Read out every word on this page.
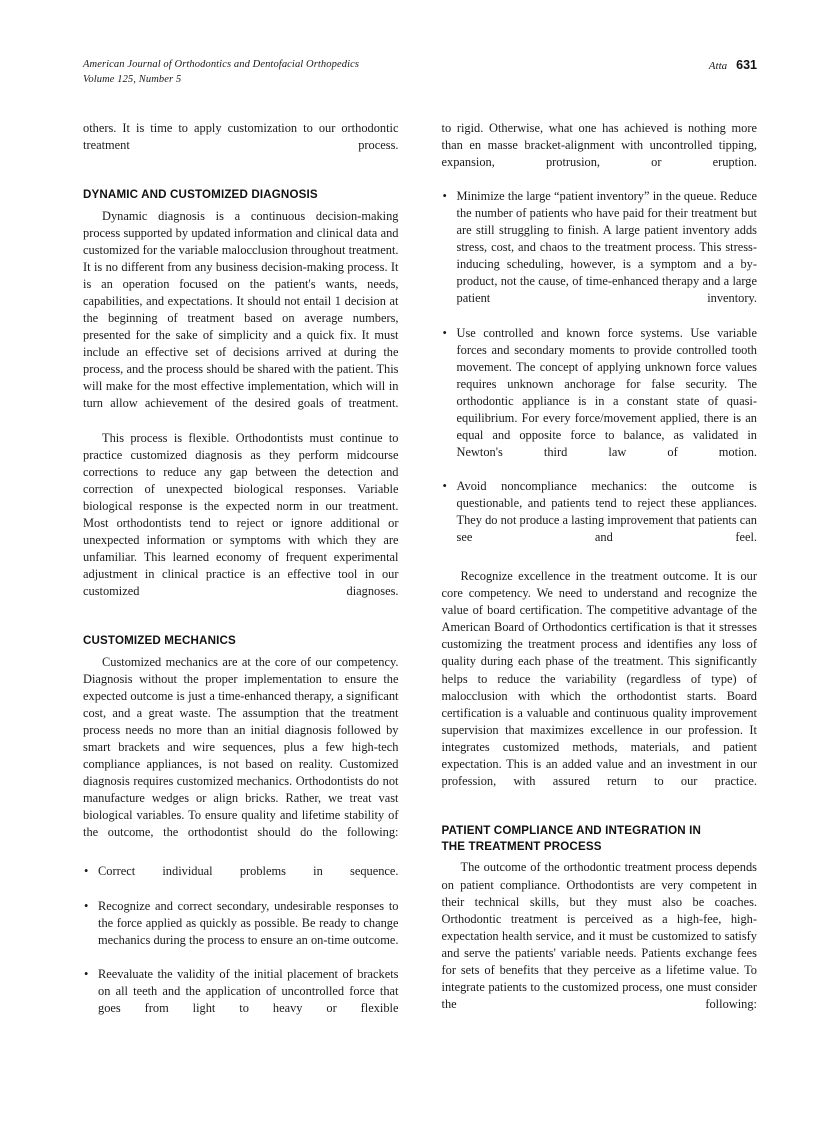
American Journal of Orthodontics and Dentofacial Orthopedics
Volume 125, Number 5
Atta 631

others. It is time to apply customization to our orthodontic treatment process.

DYNAMIC AND CUSTOMIZED DIAGNOSIS

Dynamic diagnosis is a continuous decision-making process supported by updated information and clinical data and customized for the variable malocclusion throughout treatment. It is no different from any business decision-making process. It is an operation focused on the patient's wants, needs, capabilities, and expectations. It should not entail 1 decision at the beginning of treatment based on average numbers, presented for the sake of simplicity and a quick fix. It must include an effective set of decisions arrived at during the process, and the process should be shared with the patient. This will make for the most effective implementation, which will in turn allow achievement of the desired goals of treatment.

This process is flexible. Orthodontists must continue to practice customized diagnosis as they perform midcourse corrections to reduce any gap between the detection and correction of unexpected biological responses. Variable biological response is the expected norm in our treatment. Most orthodontists tend to reject or ignore additional or unexpected information or symptoms with which they are unfamiliar. This learned economy of frequent experimental adjustment in clinical practice is an effective tool in our customized diagnoses.

CUSTOMIZED MECHANICS

Customized mechanics are at the core of our competency. Diagnosis without the proper implementation to ensure the expected outcome is just a time-enhanced therapy, a significant cost, and a great waste. The assumption that the treatment process needs no more than an initial diagnosis followed by smart brackets and wire sequences, plus a few high-tech compliance appliances, is not based on reality. Customized diagnosis requires customized mechanics. Orthodontists do not manufacture wedges or align bricks. Rather, we treat vast biological variables. To ensure quality and lifetime stability of the outcome, the orthodontist should do the following:

• Correct individual problems in sequence.
• Recognize and correct secondary, undesirable responses to the force applied as quickly as possible. Be ready to change mechanics during the process to ensure an on-time outcome.
• Reevaluate the validity of the initial placement of brackets on all teeth and the application of uncontrolled force that goes from light to heavy or flexible

to rigid. Otherwise, what one has achieved is nothing more than en masse bracket-alignment with uncontrolled tipping, expansion, protrusion, or eruption.

• Minimize the large “patient inventory” in the queue. Reduce the number of patients who have paid for their treatment but are still struggling to finish. A large patient inventory adds stress, cost, and chaos to the treatment process. This stress-inducing scheduling, however, is a symptom and a by-product, not the cause, of time-enhanced therapy and a large patient inventory.
• Use controlled and known force systems. Use variable forces and secondary moments to provide controlled tooth movement. The concept of applying unknown force values requires unknown anchorage for false security. The orthodontic appliance is in a constant state of quasi-equilibrium. For every force/movement applied, there is an equal and opposite force to balance, as validated in Newton's third law of motion.
• Avoid noncompliance mechanics: the outcome is questionable, and patients tend to reject these appliances. They do not produce a lasting improvement that patients can see and feel.

Recognize excellence in the treatment outcome. It is our core competency. We need to understand and recognize the value of board certification. The competitive advantage of the American Board of Orthodontics certification is that it stresses customizing the treatment process and identifies any loss of quality during each phase of the treatment. This significantly helps to reduce the variability (regardless of type) of malocclusion with which the orthodontist starts. Board certification is a valuable and continuous quality improvement supervision that maximizes excellence in our profession. It integrates customized methods, materials, and patient expectation. This is an added value and an investment in our profession, with assured return to our practice.

PATIENT COMPLIANCE AND INTEGRATION IN
THE TREATMENT PROCESS

The outcome of the orthodontic treatment process depends on patient compliance. Orthodontists are very competent in their technical skills, but they must also be coaches. Orthodontic treatment is perceived as a high-fee, high-expectation health service, and it must be customized to satisfy and serve the patients' variable needs. Patients exchange fees for sets of benefits that they perceive as a lifetime value. To integrate patients to the customized process, one must consider the following:
